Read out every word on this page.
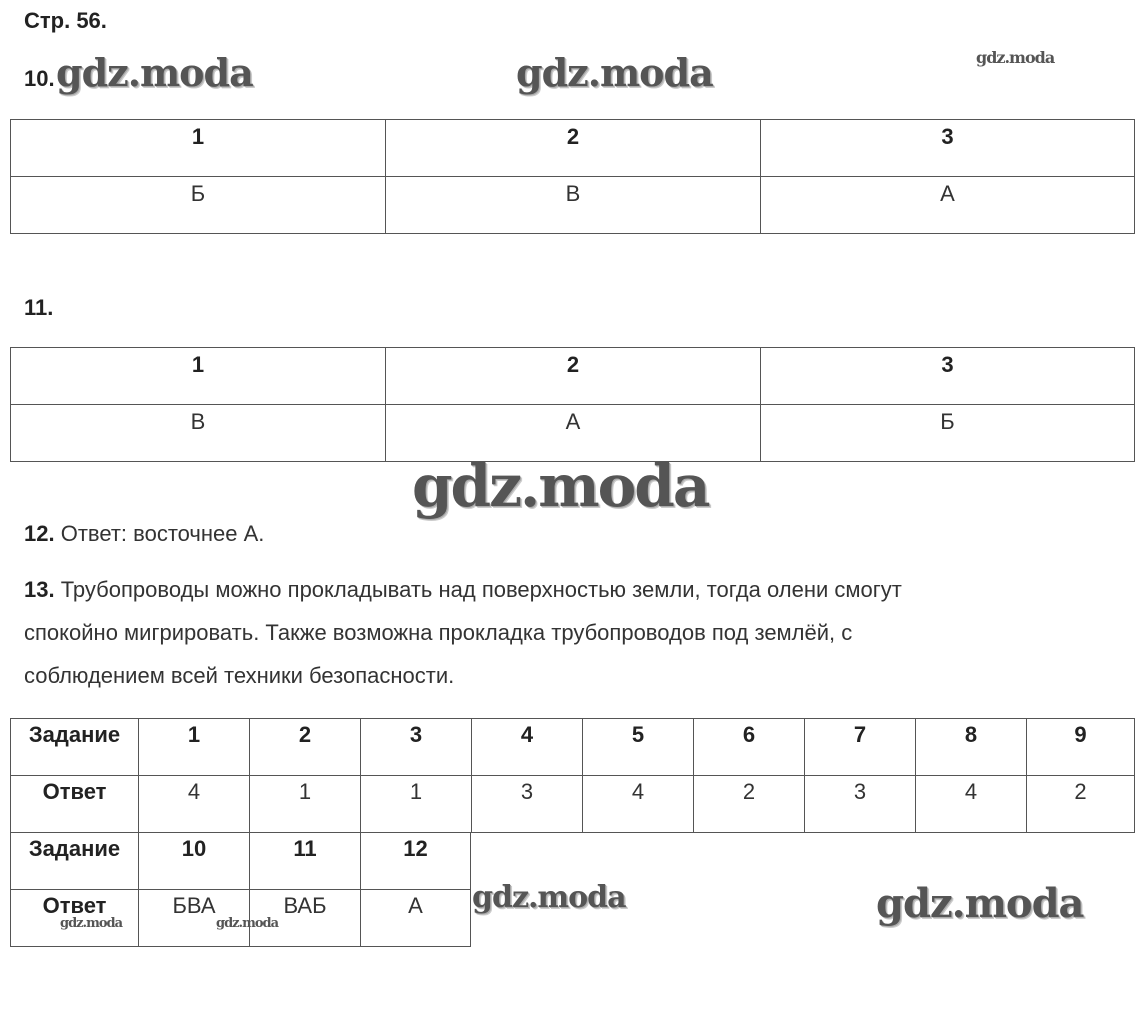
Стр. 56.
10.
1	2	3

Б	В	А
11.
1	2	3

В	А	Б
12. Ответ: восточнее А.
13. Трубопроводы можно прокладывать над поверхностью земли, тогда олени смогут
спокойно мигрировать. Также возможна прокладка трубопроводов под землёй, с
соблюдением всей техники безопасности.
Задание	1	2	3	4	5	6	7	8	9

Ответ	4	1	1	3	4	2	3	4	2
Задание	10	11	12

Ответ	БВА	ВАБ	А
gdz.moda	gdz.moda	gdz.moda
gdz.moda
gdz.moda	gdz.moda
gdz.moda	gdz.moda
